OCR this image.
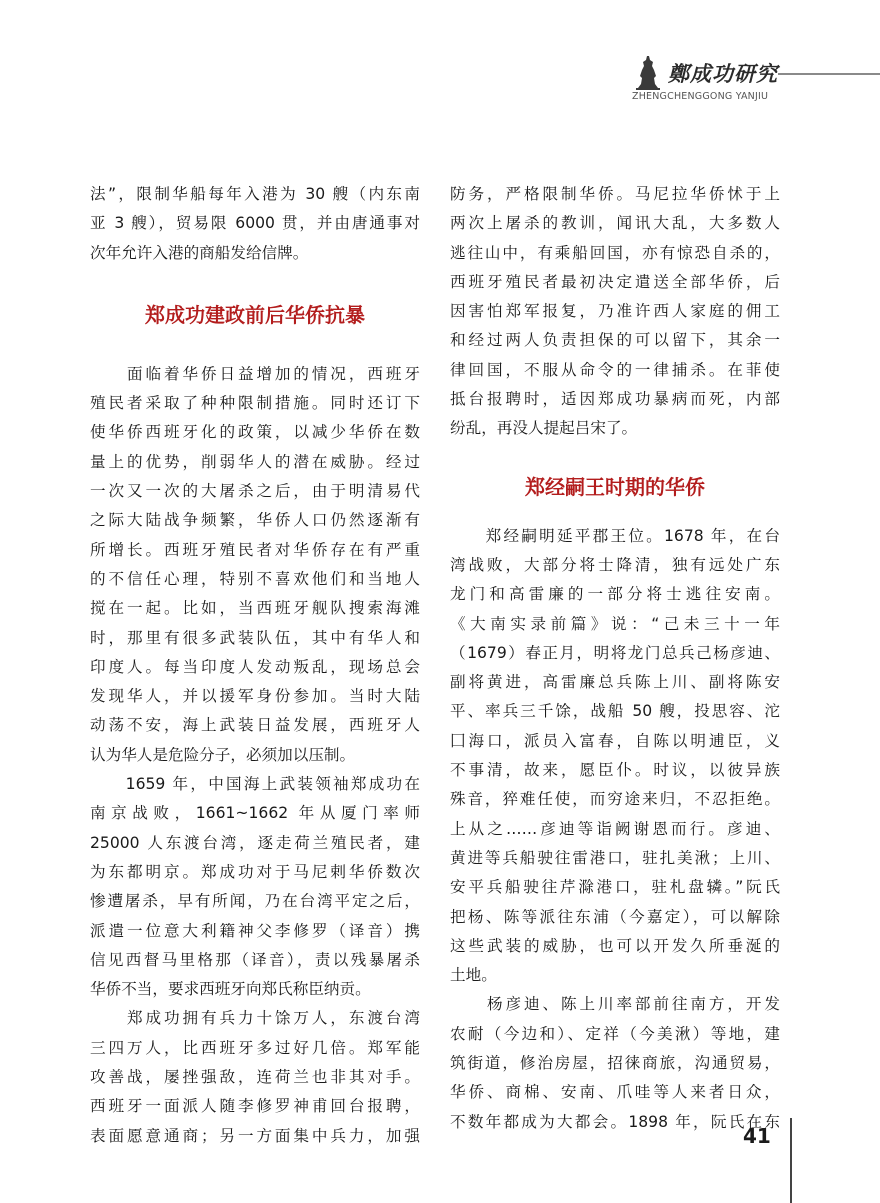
鄭成功研究
ZHENGCHENGGONG YANJIU
法”，限制华船每年入港为 30 艘（内东南
亚 3 艘），贸易限 6000 贯，并由唐通事对
次年允许入港的商船发给信牌。
郑成功建政前后华侨抗暴
　　面临着华侨日益增加的情况，西班牙
殖民者采取了种种限制措施。同时还订下
使华侨西班牙化的政策，以减少华侨在数
量上的优势，削弱华人的潜在威胁。经过
一次又一次的大屠杀之后，由于明清易代
之际大陆战争频繁，华侨人口仍然逐渐有
所增长。西班牙殖民者对华侨存在有严重
的不信任心理，特别不喜欢他们和当地人
搅在一起。比如，当西班牙舰队搜索海滩
时，那里有很多武装队伍，其中有华人和
印度人。每当印度人发动叛乱，现场总会
发现华人，并以援军身份参加。当时大陆
动荡不安，海上武装日益发展，西班牙人
认为华人是危险分子，必须加以压制。
　　1659 年，中国海上武装领袖郑成功在
南京战败，1661~1662 年从厦门率师
25000 人东渡台湾，逐走荷兰殖民者，建
为东都明京。郑成功对于马尼剌华侨数次
惨遭屠杀，早有所闻，乃在台湾平定之后，
派遣一位意大利籍神父李修罗（译音）携
信见西督马里格那（译音），责以残暴屠杀
华侨不当，要求西班牙向郑氏称臣纳贡。
　　郑成功拥有兵力十馀万人，东渡台湾
三四万人，比西班牙多过好几倍。郑军能
攻善战，屡挫强敌，连荷兰也非其对手。
西班牙一面派人随李修罗神甫回台报聘，
表面愿意通商；另一方面集中兵力，加强
防务，严格限制华侨。马尼拉华侨怵于上
两次上屠杀的教训，闻讯大乱，大多数人
逃往山中，有乘船回国，亦有惊恐自杀的，
西班牙殖民者最初决定遣送全部华侨，后
因害怕郑军报复，乃准许西人家庭的佣工
和经过两人负责担保的可以留下，其余一
律回国，不服从命令的一律捕杀。在菲使
抵台报聘时，适因郑成功暴病而死，内部
纷乱，再没人提起吕宋了。
郑经嗣王时期的华侨
　　郑经嗣明延平郡王位。1678 年，在台
湾战败，大部分将士降清，独有远处广东
龙门和高雷廉的一部分将士逃往安南。
《大南实录前篇》说：“己未三十一年
（1679）春正月，明将龙门总兵己杨彦迪、
副将黄进，高雷廉总兵陈上川、副将陈安
平、率兵三千馀，战船 50 艘，投思容、沱
囗海口，派员入富春，自陈以明逋臣，义
不事清，故来，愿臣仆。时议，以彼异族
殊音，猝难任使，而穷途来归，不忍拒绝。
上从之……彦迪等诣阙谢恩而行。彦迪、
黄进等兵船驶往雷港口，驻扎美湫；上川、
安平兵船驶往芹滁港口，驻札盘辚。”阮氏
把杨、陈等派往东浦（今嘉定），可以解除
这些武装的威胁，也可以开发久所垂涎的
土地。
　　杨彦迪、陈上川率部前往南方，开发
农耐（今边和）、定祥（今美湫）等地，建
筑街道，修治房屋，招徕商旅，沟通贸易，
华侨、商棉、安南、爪哇等人来者日众，
不数年都成为大都会。1898 年，阮氏在东
41
